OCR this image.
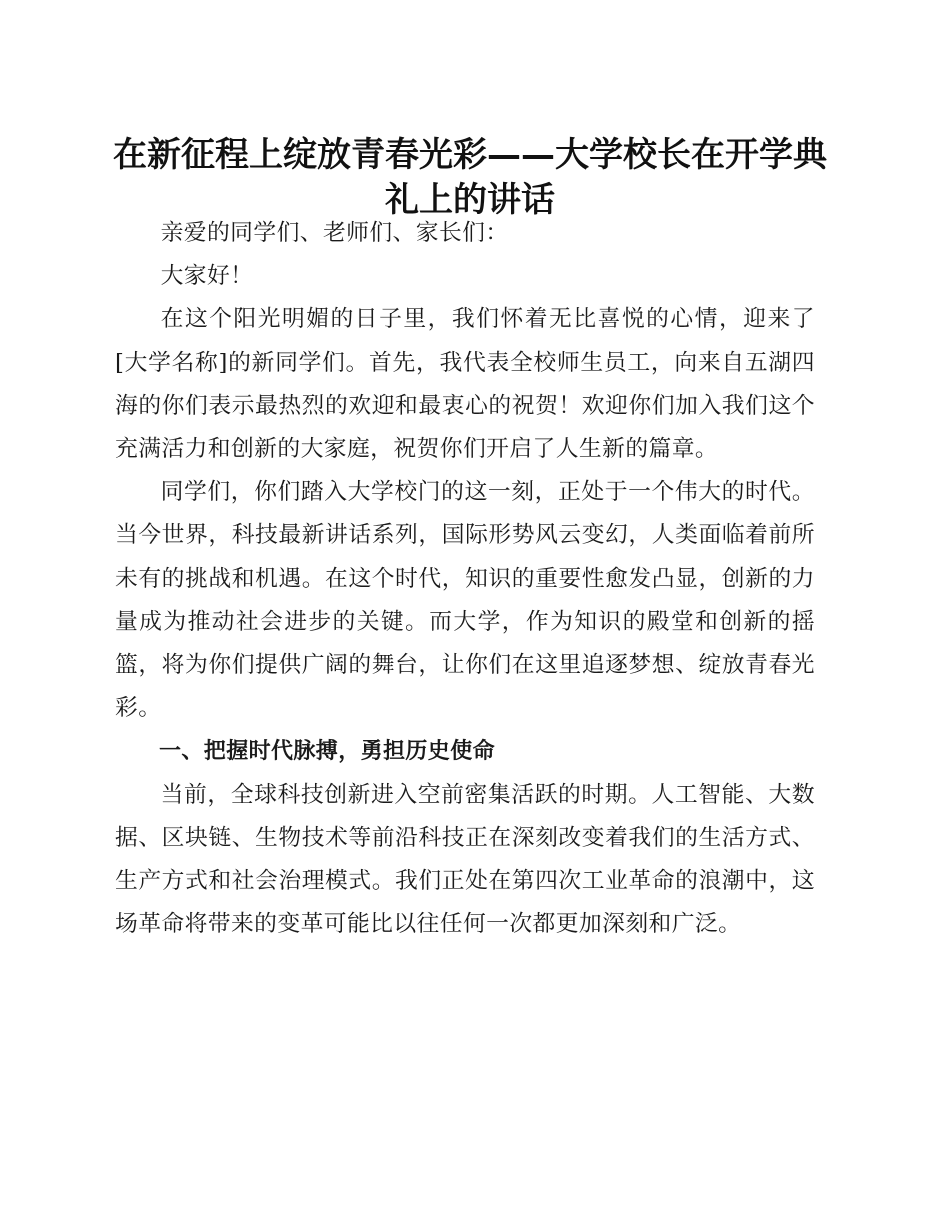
在新征程上绽放青春光彩——大学校长在开学典礼上的讲话

亲爱的同学们、老师们、家长们：

大家好！

在这个阳光明媚的日子里，我们怀着无比喜悦的心情，迎来了[大学名称]的新同学们。首先，我代表全校师生员工，向来自五湖四海的你们表示最热烈的欢迎和最衷心的祝贺！欢迎你们加入我们这个充满活力和创新的大家庭，祝贺你们开启了人生新的篇章。

同学们，你们踏入大学校门的这一刻，正处于一个伟大的时代。当今世界，科技最新讲话系列，国际形势风云变幻，人类面临着前所未有的挑战和机遇。在这个时代，知识的重要性愈发凸显，创新的力量成为推动社会进步的关键。而大学，作为知识的殿堂和创新的摇篮，将为你们提供广阔的舞台，让你们在这里追逐梦想、绽放青春光彩。

一、把握时代脉搏，勇担历史使命

当前，全球科技创新进入空前密集活跃的时期。人工智能、大数据、区块链、生物技术等前沿科技正在深刻改变着我们的生活方式、生产方式和社会治理模式。我们正处在第四次工业革命的浪潮中，这场革命将带来的变革可能比以往任何一次都更加深刻和广泛。
